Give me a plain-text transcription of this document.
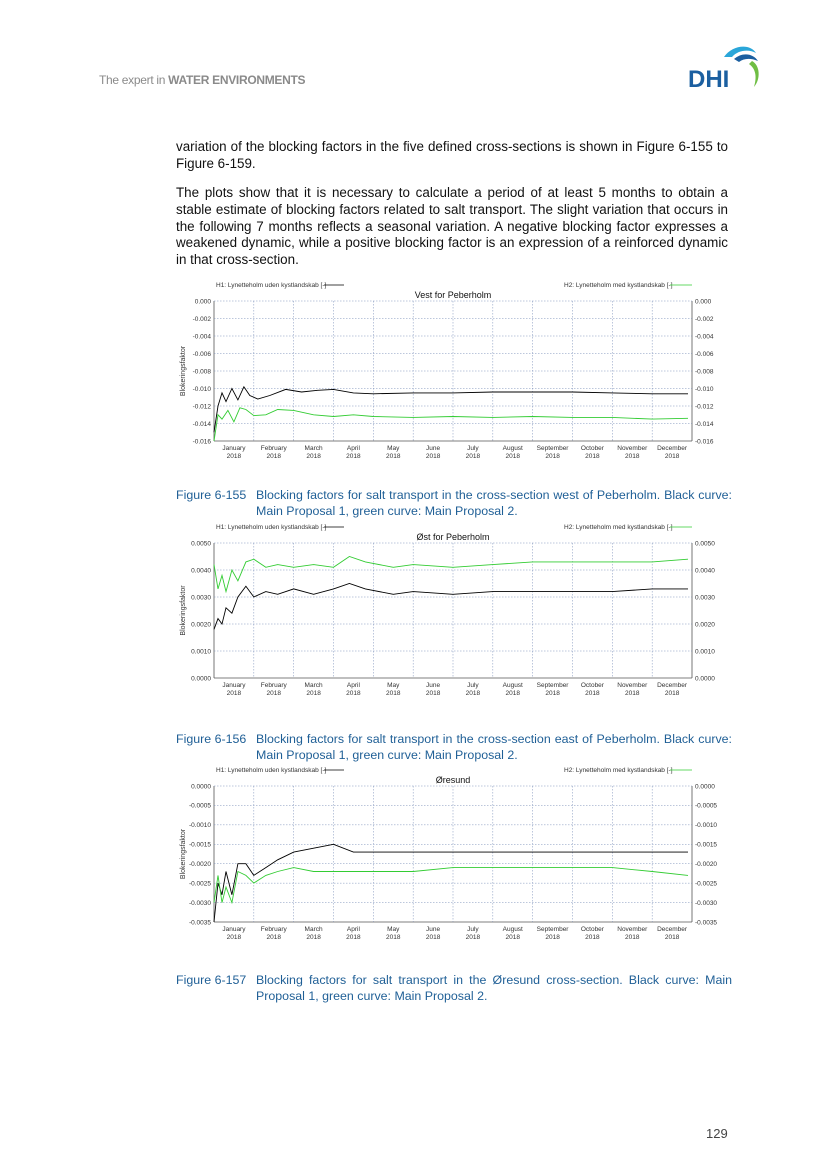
The expert in WATER ENVIRONMENTS	DHI

variation of the blocking factors in the five defined cross-sections is shown in Figure 6-155 to Figure 6-159.

The plots show that it is necessary to calculate a period of at least 5 months to obtain a stable estimate of blocking factors related to salt transport. The slight variation that occurs in the following 7 months reflects a seasonal variation. A negative blocking factor expresses a weakened dynamic, while a positive blocking factor is an expression of a reinforced dynamic in that cross-section.

H1: Lynetteholm uden kystlandskab [-]	H2: Lynetteholm med kystlandskab [-]
Vest for Peberholm
Blokeringsfaktor
0.000	0.000
-0.002	-0.002
-0.004	-0.004
-0.006	-0.006
-0.008	-0.008
-0.010	-0.010
-0.012	-0.012
-0.014	-0.014
-0.016	-0.016
January
2018
February
2018
March
2018
April
2018
May
2018
June
2018
July
2018
August
2018
September
2018
October
2018
November
2018
December
2018
Figure 6-155 Blocking factors for salt transport in the cross-section west of Peberholm. Black curve: Main Proposal 1, green curve: Main Proposal 2.
H1: Lynetteholm uden kystlandskab [-]	H2: Lynetteholm med kystlandskab [-]
Øst for Peberholm
Blokeringsfaktor
0.0050	0.0050
0.0040	0.0040
0.0030	0.0030
0.0020	0.0020
0.0010	0.0010
0.0000	0.0000
January
2018
February
2018
March
2018
April
2018
May
2018
June
2018
July
2018
August
2018
September
2018
October
2018
November
2018
December
2018
Figure 6-156 Blocking factors for salt transport in the cross-section east of Peberholm. Black curve: Main Proposal 1, green curve: Main Proposal 2.
H1: Lynetteholm uden kystlandskab [-]	H2: Lynetteholm med kystlandskab [-]
Øresund
Blokeringsfaktor
0.0000	0.0000
-0.0005	-0.0005
-0.0010	-0.0010
-0.0015	-0.0015
-0.0020	-0.0020
-0.0025	-0.0025
-0.0030	-0.0030
-0.0035	-0.0035
January
2018
February
2018
March
2018
April
2018
May
2018
June
2018
July
2018
August
2018
September
2018
October
2018
November
2018
December
2018
Figure 6-157 Blocking factors for salt transport in the Øresund cross-section. Black curve: Main Proposal 1, green curve: Main Proposal 2.
129
